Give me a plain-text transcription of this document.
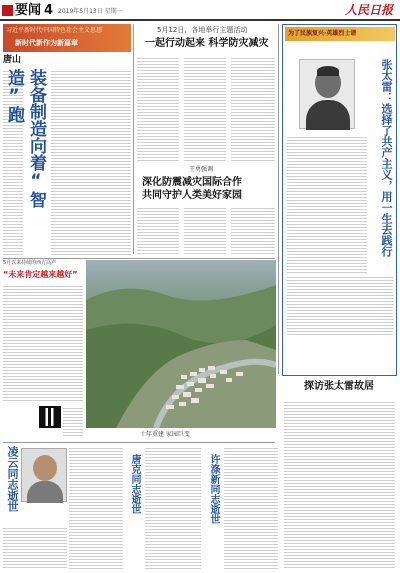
要闻 4 2019年5月13日 星期一	人民日报
习近平新时代中国特色社会主义思想
新时代新作为新篇章
唐山
装备制造向着“智造”跑
5月12日，各地举行主题活动
一起行动起来 科学防灾减灾
王勇强调
深化防震减灾国际合作
共同守护人类美好家园
为了民族复兴·英雄烈士谱
张太雷：选择了共产主义，用一生去践行
探访张太雷故居
5月以来持续的西方高声
“未来肯定越来越好”
十年重建 家园巨变
凌云同志逝世	唐克同志逝世	许涤新同志逝世
